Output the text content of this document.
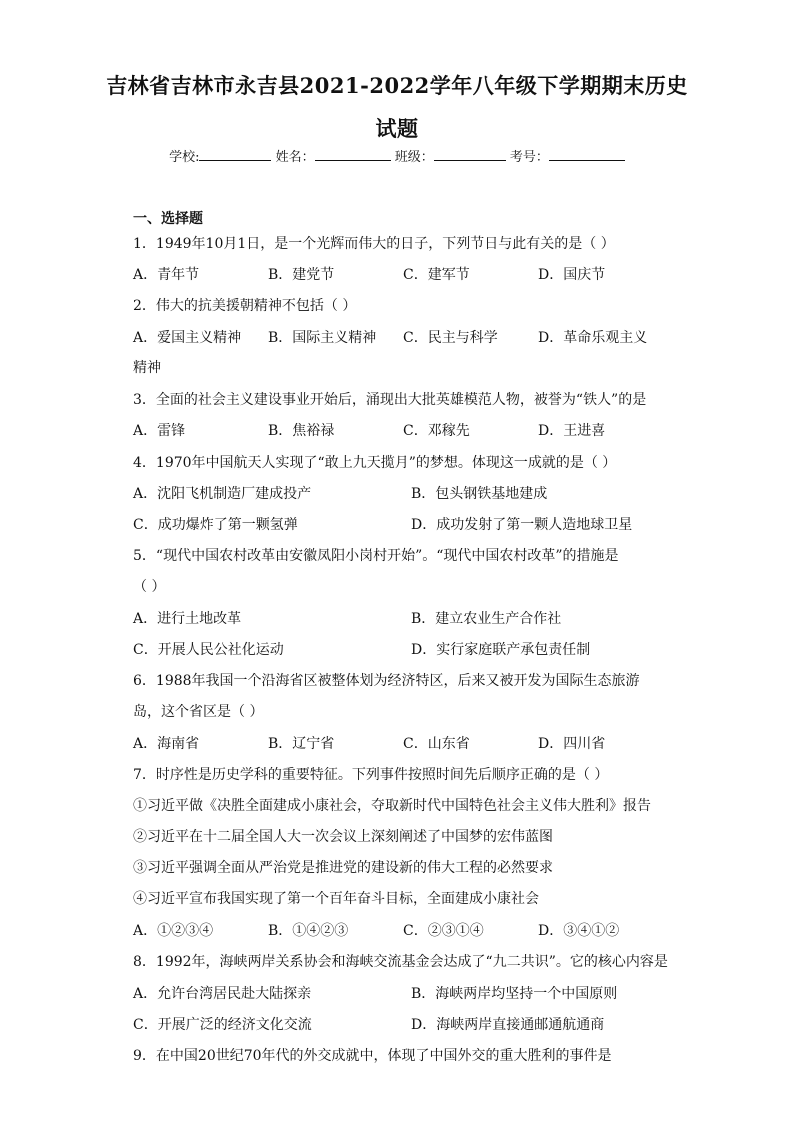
吉林省吉林市永吉县2021-2022学年八年级下学期期末历史
试题
学校:	姓名：	班级：	考号：
一、选择题
1．1949年10月1日，是一个光辉而伟大的日子，下列节日与此有关的是（ ）
A．青年节	B．建党节	C．建军节	D．国庆节
2．伟大的抗美援朝精神不包括（ ）
A．爱国主义精神	B．国际主义精神	C．民主与科学	D．革命乐观主义
精神
3．全面的社会主义建设事业开始后，涌现出大批英雄模范人物，被誉为“铁人”的是
A．雷锋	B．焦裕禄	C．邓稼先	D．王进喜
4．1970年中国航天人实现了“敢上九天揽月”的梦想。体现这一成就的是（ ）
A．沈阳飞机制造厂建成投产	B．包头钢铁基地建成
C．成功爆炸了第一颗氢弹	D．成功发射了第一颗人造地球卫星
5．“现代中国农村改革由安徽凤阳小岗村开始”。“现代中国农村改革”的措施是
（ ）
A．进行土地改革	B．建立农业生产合作社
C．开展人民公社化运动	D．实行家庭联产承包责任制
6．1988年我国一个沿海省区被整体划为经济特区，后来又被开发为国际生态旅游
岛，这个省区是（ ）
A．海南省	B．辽宁省	C．山东省	D．四川省
7．时序性是历史学科的重要特征。下列事件按照时间先后顺序正确的是（ ）
①习近平做《决胜全面建成小康社会，夺取新时代中国特色社会主义伟大胜利》报告
②习近平在十二届全国人大一次会议上深刻阐述了中国梦的宏伟蓝图
③习近平强调全面从严治党是推进党的建设新的伟大工程的必然要求
④习近平宣布我国实现了第一个百年奋斗目标，全面建成小康社会
A．①②③④	B．①④②③	C．②③①④	D．③④①②
8．1992年，海峡两岸关系协会和海峡交流基金会达成了“九二共识”。它的核心内容是
A．允许台湾居民赴大陆探亲	B．海峡两岸均坚持一个中国原则
C．开展广泛的经济文化交流	D．海峡两岸直接通邮通航通商
9．在中国20世纪70年代的外交成就中，体现了中国外交的重大胜利的事件是
